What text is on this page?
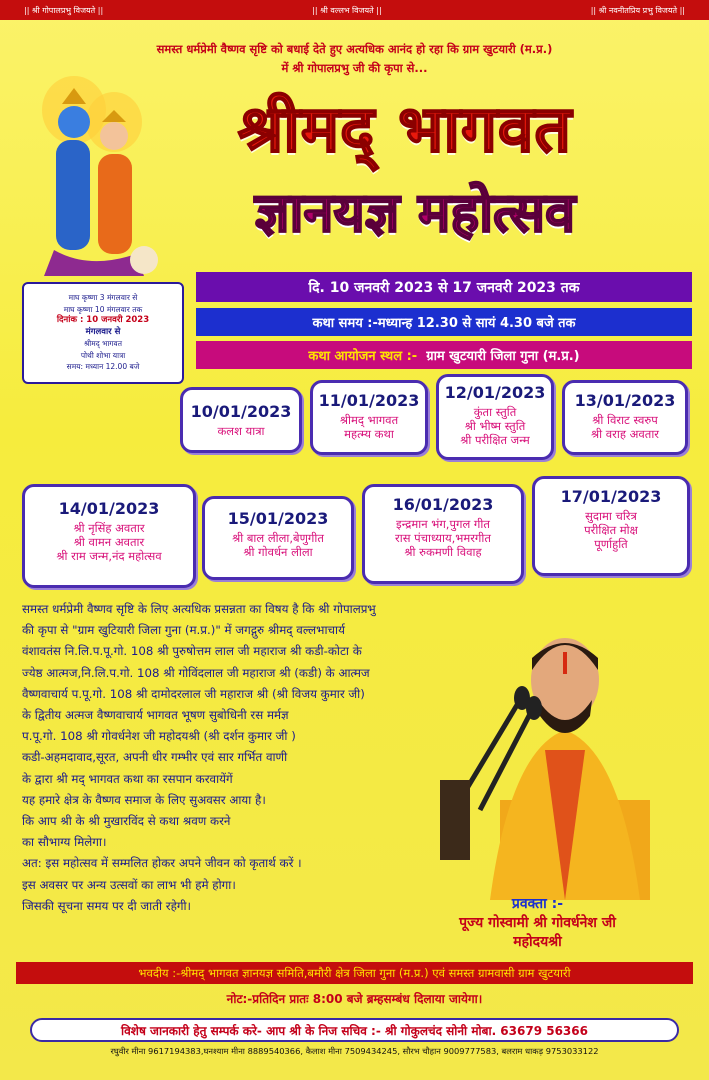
|| श्री गोपालप्रभु विजयते ||	|| श्री वल्लभ विजयते ||	|| श्री नवनीतप्रिय प्रभु विजयते ||
समस्त धर्मप्रेमी वैष्णव सृष्टि को बधाई देते हुए अत्यधिक आनंद हो रहा कि ग्राम खुटयारी (म.प्र.)
में श्री गोपालप्रभु जी की कृपा से...
श्रीमद् भागवत
ज्ञानयज्ञ महोत्सव
दि. 10 जनवरी 2023 से 17 जनवरी 2023 तक
कथा समय :-मध्यान्ह 12.30 से सायं 4.30 बजे तक
कथा आयोजन स्थल :-
ग्राम खुटयारी जिला गुना (म.प्र.)
माघ कृष्णा 3 मंगलवार से
माघ कृष्णा 10 मंगलवार तक
दिनांक : 10 जनवरी 2023
मंगलवार से
श्रीमद् भागवत
पोथी शोभा यात्रा
समय: मध्यान 12.00 बजे
10/01/2023
कलश यात्रा
11/01/2023
श्रीमद् भागवत
महत्म्य कथा
12/01/2023
कुंता स्तुति
श्री भीष्म स्तुति
श्री परीक्षित जन्म
13/01/2023
श्री विराट स्वरुप
श्री वराह अवतार
14/01/2023
श्री नृसिंह अवतार
श्री वामन अवतार
श्री राम जन्म,नंद महोत्सव
15/01/2023
श्री बाल लीला,बेणुगीत
श्री गोवर्धन लीला
16/01/2023
इन्द्रमान भंग,पुगल गीत
रास पंचाध्याय,भमरगीत
श्री रुकमणी विवाह
17/01/2023
सुदामा चरित्र
परीक्षित मोक्ष
पूर्णाहुति
समस्त धर्मप्रेमी वैष्णव सृष्टि के लिए अत्यधिक प्रसन्नता का विषय है कि श्री गोपालप्रभु
की कृपा से "ग्राम खुटियारी जिला गुना (म.प्र.)" में जगद्गुरु श्रीमद् वल्लभाचार्य
वंशावतंस नि.लि.प.पू.गो. 108 श्री पुरुषोत्तम लाल जी महाराज श्री कडी-कोटा के
ज्येष्ठ आत्मज,नि.लि.प.गो. 108 श्री गोविंदलाल जी महाराज श्री (कडी) के आत्मज
वैष्णवाचार्य प.पू.गो. 108 श्री दामोदरलाल जी महाराज श्री (श्री विजय कुमार जी)
के द्वितीय अत्मज वैष्णवाचार्य भागवत भूषण सुबोधिनी रस मर्मज्ञ
प.पू.गो. 108 श्री गोवर्धनेश जी महोदयश्री (श्री दर्शन कुमार जी )
कडी-अहमदावाद,सूरत, अपनी धीर गम्भीर एवं सार गर्भित वाणी
के द्वारा श्री मद् भागवत कथा का रसपान करवायेंगें
यह हमारे क्षेत्र के वैष्णव समाज के लिए सुअवसर आया है।
कि आप श्री के श्री मुखारविंद से कथा श्रवण करने
का सौभाग्य मिलेगा।
अत: इस महोत्सव में सम्मलित होकर अपने जीवन को कृतार्थ करें ।
इस अवसर पर अन्य उत्सवों का लाभ भी हमे होगा।
जिसकी सूचना समय पर दी जाती रहेगी।	प्रवक्ता :-
पूज्य गोस्वामी श्री गोवर्धनेश जी
महोदयश्री
भवदीय :-श्रीमद् भागवत ज्ञानयज्ञ समिति,बमौरी क्षेत्र जिला गुना (म.प्र.) एवं समस्त ग्रामवासी ग्राम खुटयारी
नोट:-प्रतिदिन प्रातः 8:00 बजे ब्रम्हसम्बंध दिलाया जायेगा।
विशेष जानकारी हेतु सम्पर्क करे- आप श्री के निज सचिव :- श्री गोकुलचंद सोनी मोबा. 63679 56366
रघुवीर मीना 9617194383,घनश्याम मीना 8889540366, कैलाश मीना 7509434245, सौरभ चौहान 9009777583, बलराम धाकड़ 9753033122
